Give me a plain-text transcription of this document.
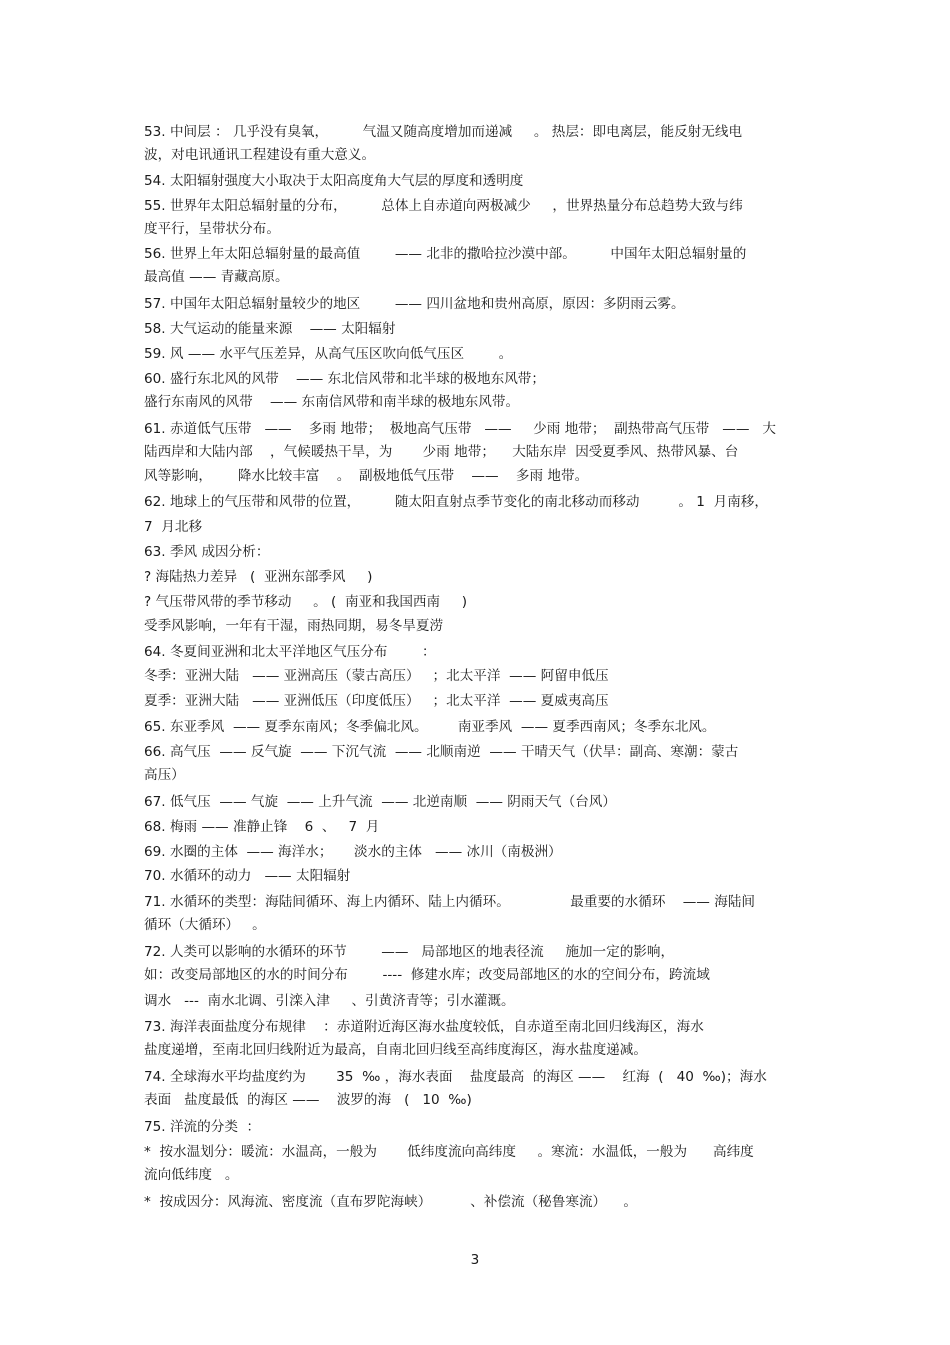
53. 中间层 ： 几乎没有臭氧，        气温又随高度增加而递减     。 热层：即电离层，能反射无线电
波，对电讯通讯工程建设有重大意义。
54. 太阳辐射强度大小取决于太阳高度角大气层的厚度和透明度
55. 世界年太阳总辐射量的分布，        总体上自赤道向两极减少     ，世界热量分布总趋势大致与纬
度平行，呈带状分布。
56. 世界上年太阳总辐射量的最高值        —— 北非的撒哈拉沙漠中部。        中国年太阳总辐射量的
最高值 —— 青藏高原。
57. 中国年太阳总辐射量较少的地区        —— 四川盆地和贵州高原，原因：多阴雨云雾。
58. 大气运动的能量来源    —— 太阳辐射
59. 风 —— 水平气压差异，从高气压区吹向低气压区        。
60. 盛行东北风的风带    —— 东北信风带和北半球的极地东风带；
盛行东南风的风带    —— 东南信风带和南半球的极地东风带。
61. 赤道低气压带   ——    多雨 地带；  极地高气压带   ——     少雨 地带；  副热带高气压带   ——   大
陆西岸和大陆内部    ，气候暖热干旱，为       少雨 地带；    大陆东岸  因受夏季风、热带风暴、台
风等影响，      降水比较丰富    。  副极地低气压带    ——    多雨 地带。
62. 地球上的气压带和风带的位置，        随太阳直射点季节变化的南北移动而移动         。 1  月南移，
7  月北移
63. 季风 成因分析：
? 海陆热力差异   (  亚洲东部季风     )
? 气压带风带的季节移动     。 (  南亚和我国西南     )
受季风影响，一年有干湿，雨热同期，易冬旱夏涝
64. 冬夏间亚洲和北太平洋地区气压分布        ：
冬季：亚洲大陆   —— 亚洲高压（蒙古高压）   ；北太平洋  —— 阿留申低压
夏季：亚洲大陆   —— 亚洲低压（印度低压）   ；北太平洋  —— 夏威夷高压
65. 东亚季风  —— 夏季东南风；冬季偏北风。       南亚季风  —— 夏季西南风；冬季东北风。
66. 高气压  —— 反气旋  —— 下沉气流  —— 北顺南逆  —— 干晴天气（伏旱：副高、寒潮：蒙古
高压）
67. 低气压  —— 气旋  —— 上升气流  —— 北逆南顺  —— 阴雨天气（台风）
68. 梅雨 —— 准静止锋    6  、   7  月
69. 水圈的主体  —— 海洋水；     淡水的主体   —— 冰川（南极洲）
70. 水循环的动力   —— 太阳辐射
71. 水循环的类型：海陆间循环、海上内循环、陆上内循环。              最重要的水循环    —— 海陆间
循环（大循环）   。
72. 人类可以影响的水循环的环节        ——   局部地区的地表径流     施加一定的影响，
如：改变局部地区的水的时间分布        ----  修建水库；改变局部地区的水的空间分布，跨流域
调水   ---  南水北调、引滦入津     、引黄济青等；引水灌溉。
73. 海洋表面盐度分布规律    ：赤道附近海区海水盐度较低，自赤道至南北回归线海区，海水
盐度递增，至南北回归线附近为最高，自南北回归线至高纬度海区，海水盐度递减。
74. 全球海水平均盐度约为       35  ‰ ，海水表面    盐度最高  的海区 ——    红海  (   40  ‰)；海水
表面   盐度最低  的海区 ——    波罗的海   (   10  ‰)
75. 洋流的分类  ：
*  按水温划分：暖流：水温高，一般为       低纬度流向高纬度     。寒流：水温低，一般为      高纬度
流向低纬度   。
*  按成因分：风海流、密度流（直布罗陀海峡）         、补偿流（秘鲁寒流）    。
3
